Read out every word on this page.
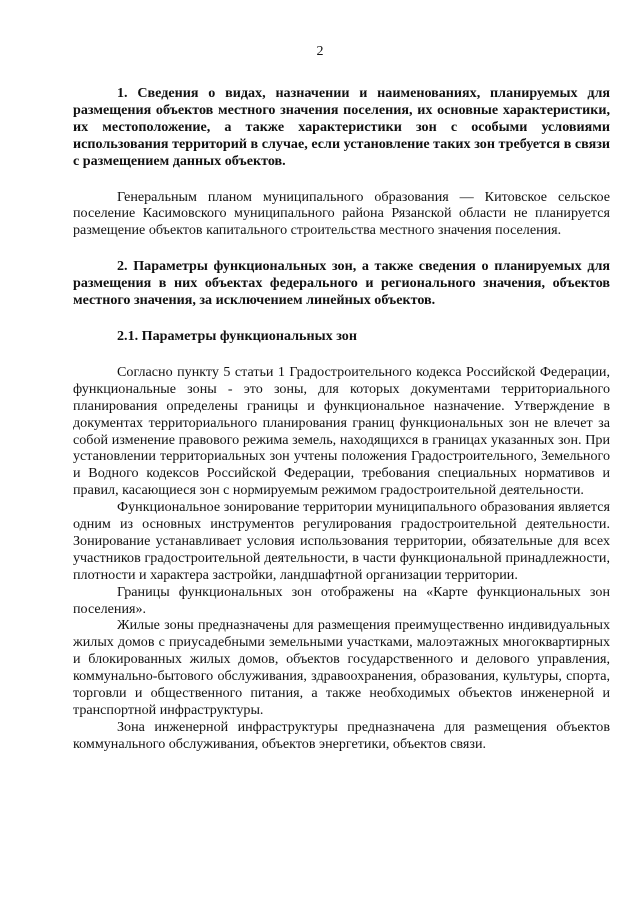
2

1. Сведения о видах, назначении и наименованиях, планируемых для размещения объектов местного значения поселения, их основные характеристики, их местоположение, а также характеристики зон с особыми условиями использования территорий в случае, если установление таких зон требуется в связи с размещением данных объектов.

Генеральным планом муниципального образования — Китовское сельское поселение Касимовского муниципального района Рязанской области не планируется размещение объектов капитального строительства местного значения поселения.

2. Параметры функциональных зон, а также сведения о планируемых для размещения в них объектах федерального и регионального значения, объектов местного значения, за исключением линейных объектов.

2.1. Параметры функциональных зон

Согласно пункту 5 статьи 1 Градостроительного кодекса Российской Федерации, функциональные зоны - это зоны, для которых документами территориального планирования определены границы и функциональное назначение. Утверждение в документах территориального планирования границ функциональных зон не влечет за собой изменение правового режима земель, находящихся в границах указанных зон. При установлении территориальных зон учтены положения Градостроительного, Земельного и Водного кодексов Российской Федерации, требования специальных нормативов и правил, касающиеся зон с нормируемым режимом градостроительной деятельности.

Функциональное зонирование территории муниципального образования является одним из основных инструментов регулирования градостроительной деятельности. Зонирование устанавливает условия использования территории, обязательные для всех участников градостроительной деятельности, в части функциональной принадлежности, плотности и характера застройки, ландшафтной организации территории.

Границы функциональных зон отображены на «Карте функциональных зон поселения».

Жилые зоны предназначены для размещения преимущественно индивидуальных жилых домов с приусадебными земельными участками, малоэтажных многоквартирных и блокированных жилых домов, объектов государственного и делового управления, коммунально-бытового обслуживания, здравоохранения, образования, культуры, спорта, торговли и общественного питания, а также необходимых объектов инженерной и транспортной инфраструктуры.

Зона инженерной инфраструктуры предназначена для размещения объектов коммунального обслуживания, объектов энергетики, объектов связи.
